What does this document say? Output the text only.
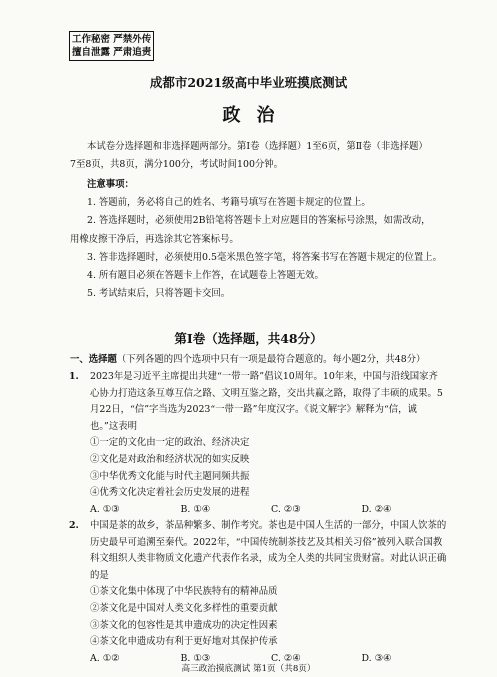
工作秘密 严禁外传
擅自泄露 严肃追责
成都市2021级高中毕业班摸底测试
政治
本试卷分选择题和非选择题两部分。第Ⅰ卷（选择题）1至6页，第Ⅱ卷（非选择题）
7至8页，共8页，满分100分，考试时间100分钟。
注意事项：
1. 答题前，务必将自己的姓名、考籍号填写在答题卡规定的位置上。
2. 答选择题时，必须使用2B铅笔将答题卡上对应题目的答案标号涂黑，如需改动，
用橡皮擦干净后，再选涂其它答案标号。
3. 答非选择题时，必须使用0.5毫米黑色签字笔，将答案书写在答题卡规定的位置上。
4. 所有题目必须在答题卡上作答，在试题卷上答题无效。
5. 考试结束后，只将答题卡交回。
第Ⅰ卷（选择题，共48分）
一、选择题（下列各题的四个选项中只有一项是最符合题意的。每小题2分，共48分）
1. 2023年是习近平主席提出共建“一带一路”倡议10周年。10年来，中国与沿线国家齐
心协力打造这条互尊互信之路、文明互鉴之路，交出共赢之路，取得了丰硕的成果。5
月22日，“信”字当选为2023“一带一路”年度汉字。《说文解字》解释为“信，诚
也。”这表明
①一定的文化由一定的政治、经济决定
②文化是对政治和经济状况的如实反映
③中华优秀文化能与时代主题同频共振
④优秀文化决定着社会历史发展的进程
A. ①③	B. ①④	C. ②③	D. ②④
2. 中国是茶的故乡，茶品种繁多、制作考究。茶也是中国人生活的一部分，中国人饮茶的
历史最早可追溯至秦代。2022年，“中国传统制茶技艺及其相关习俗”被列入联合国教
科文组织人类非物质文化遗产代表作名录，成为全人类的共同宝贵财富。对此认识正确
的是
①茶文化集中体现了中华民族特有的精神品质
②茶文化是中国对人类文化多样性的重要贡献
③茶文化的包容性是其申遗成功的决定性因素
④茶文化申遗成功有利于更好地对其保护传承
A. ①②	B. ①③	C. ②④	D. ③④
高三政治摸底测试 第1页（共8页）
